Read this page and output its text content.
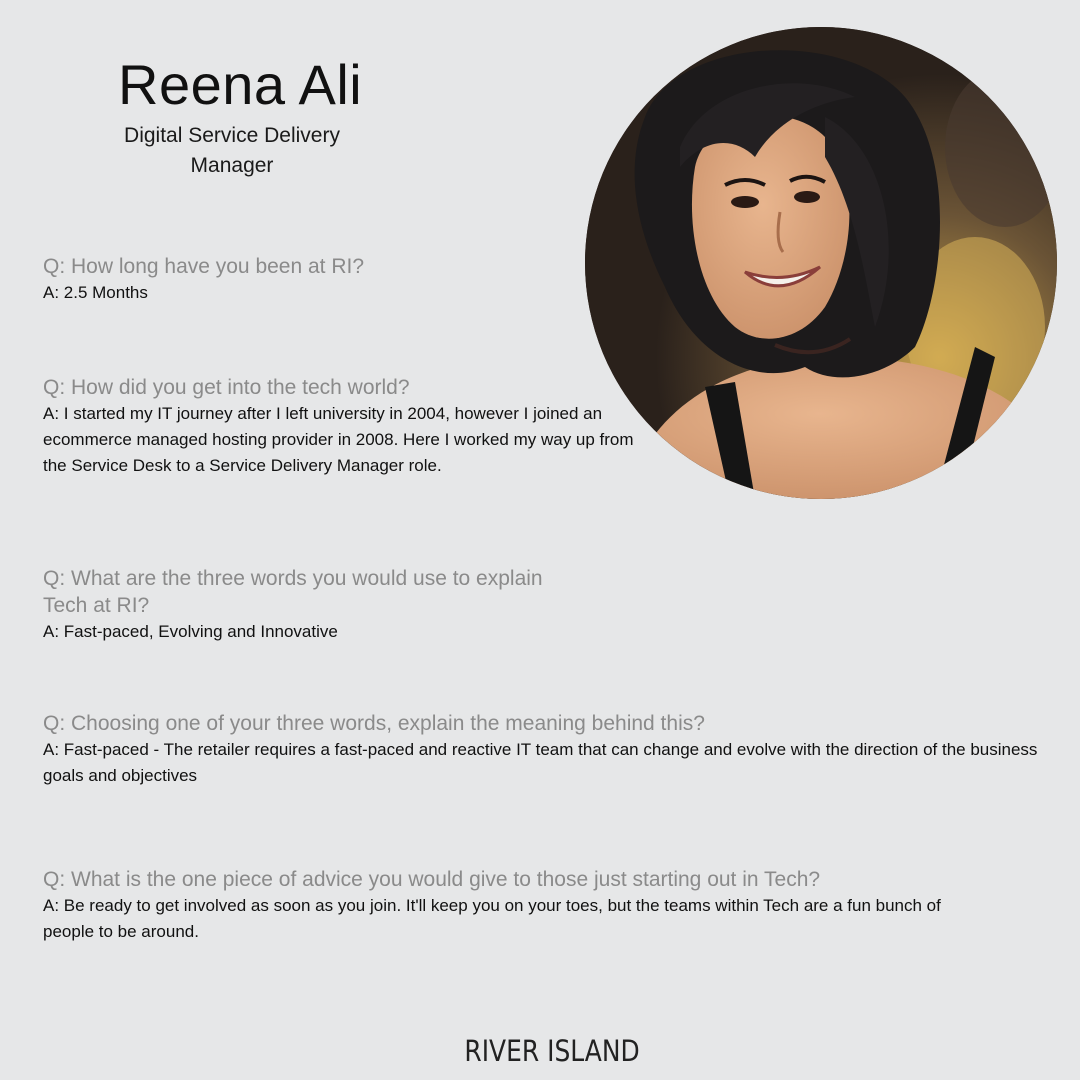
Reena Ali

Digital Service Delivery Manager

Q: How long have you been at RI?

A: 2.5 Months

Q: How did you get into the tech world?

A: I started my IT journey after I left university in 2004, however I joined an ecommerce managed hosting provider in 2008. Here I worked my way up from the Service Desk to a Service Delivery Manager role.

Q: What are the three words you would use to explain Tech at RI?

A: Fast-paced, Evolving and Innovative

Q: Choosing one of your three words, explain the meaning behind this?

A: Fast-paced - The retailer requires a fast-paced and reactive IT team that can change and evolve with the direction of the business goals and objectives

Q: What is the one piece of advice you would give to those just starting out in Tech?

A: Be ready to get involved as soon as you join. It'll keep you on your toes, but the teams within Tech are a fun bunch of people to be around.

RIVER ISLAND
